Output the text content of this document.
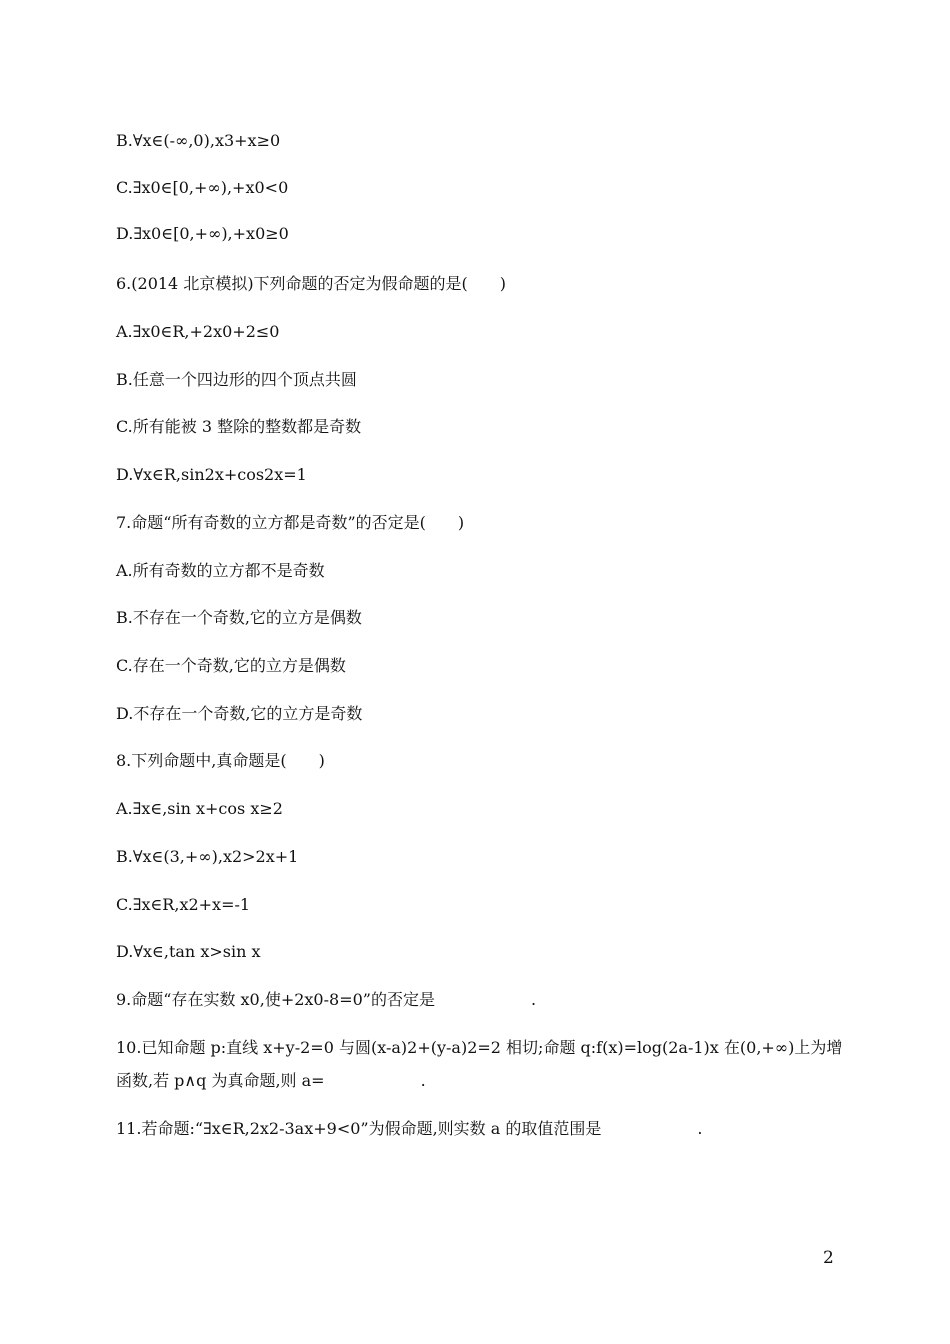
B.∀x∈(-∞,0),x3+x≥0

C.∃x0∈[0,+∞),+x0<0

D.∃x0∈[0,+∞),+x0≥0

6.(2014 北京模拟)下列命题的否定为假命题的是(　　)

A.∃x0∈R,+2x0+2≤0

B.任意一个四边形的四个顶点共圆

C.所有能被 3 整除的整数都是奇数

D.∀x∈R,sin2x+cos2x=1

7.命题“所有奇数的立方都是奇数”的否定是(　　)

A.所有奇数的立方都不是奇数

B.不存在一个奇数,它的立方是偶数

C.存在一个奇数,它的立方是偶数

D.不存在一个奇数,它的立方是奇数

8.下列命题中,真命题是(　　)

A.∃x∈,sin x+cos x≥2

B.∀x∈(3,+∞),x2>2x+1

C.∃x∈R,x2+x=-1

D.∀x∈,tan x>sin x

9.命题“存在实数 x0,使+2x0-8=0”的否定是　　　　　　.

10.已知命题 p:直线 x+y-2=0 与圆(x-a)2+(y-a)2=2 相切;命题 q:f(x)=log(2a-1)x 在(0,+∞)上为增

函数,若 p∧q 为真命题,则 a=　　　　　　.

11.若命题:“∃x∈R,2x2-3ax+9<0”为假命题,则实数 a 的取值范围是　　　　　　.

2
